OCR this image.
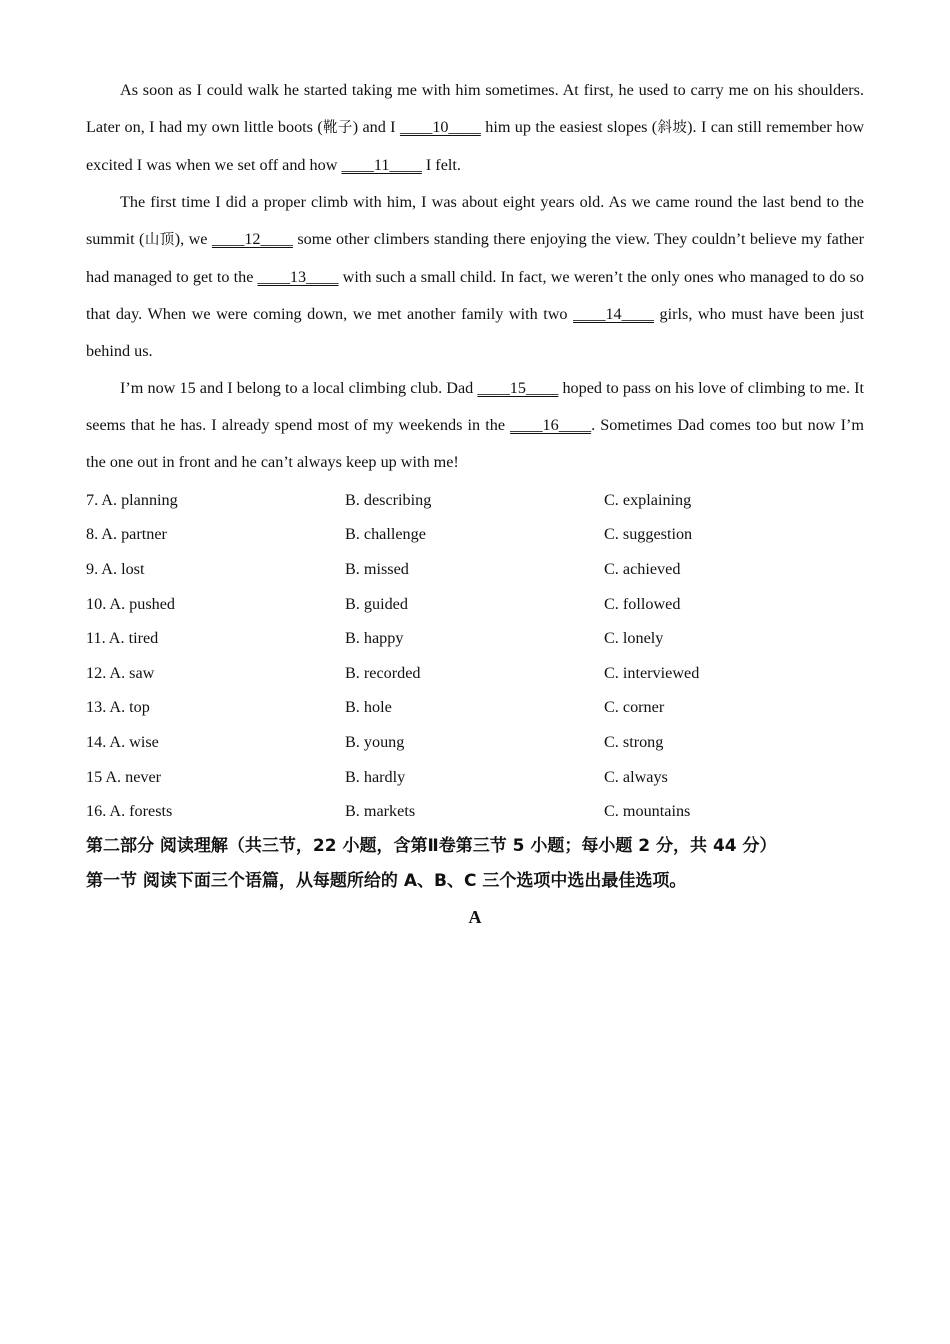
As soon as I could walk he started taking me with him sometimes. At first, he used to carry me on his shoulders. Later on, I had my own little boots (靴子) and I ____10____ him up the easiest slopes (斜坡). I can still remember how excited I was when we set off and how ____11____ I felt.

The first time I did a proper climb with him, I was about eight years old. As we came round the last bend to the summit (山顶), we ____12____ some other climbers standing there enjoying the view. They couldn’t believe my father had managed to get to the ____13____ with such a small child. In fact, we weren’t the only ones who managed to do so that day. When we were coming down, we met another family with two ____14____ girls, who must have been just behind us.

I’m now 15 and I belong to a local climbing club. Dad ____15____ hoped to pass on his love of climbing to me. It seems that he has. I already spend most of my weekends in the ____16____. Sometimes Dad comes too but now I’m the one out in front and he can’t always keep up with me!

7. A. planning	B. describing	C. explaining
8. A. partner	B. challenge	C. suggestion
9. A. lost	B. missed	C. achieved
10. A. pushed	B. guided	C. followed
11. A. tired	B. happy	C. lonely
12. A. saw	B. recorded	C. interviewed
13. A. top	B. hole	C. corner
14. A. wise	B. young	C. strong
15 A. never	B. hardly	C. always
16. A. forests	B. markets	C. mountains

第二部分 阅读理解（共三节，22 小题，含第Ⅱ卷第三节 5 小题；每小题 2 分，共 44 分）

第一节 阅读下面三个语篇，从每题所给的 A、B、C 三个选项中选出最佳选项。

A
